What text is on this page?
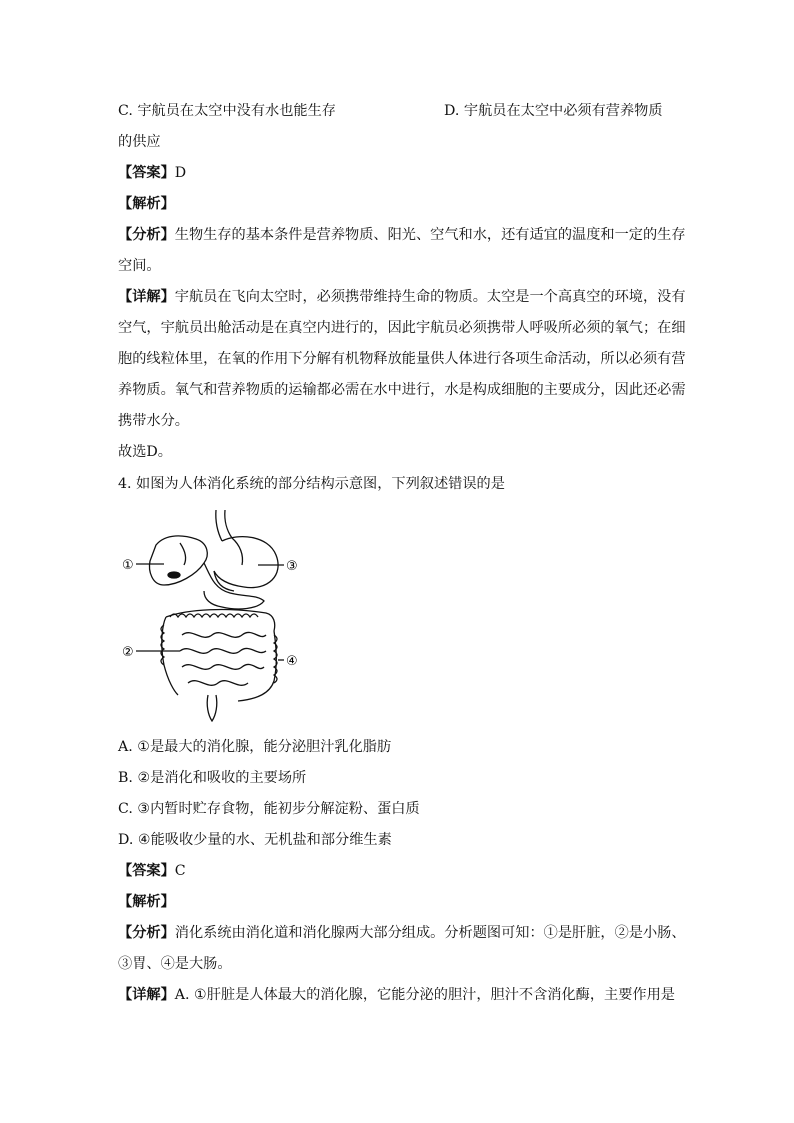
C. 宇航员在太空中没有水也能生存	D. 宇航员在太空中必须有营养物质
的供应
【答案】D
【解析】
【分析】生物生存的基本条件是营养物质、阳光、空气和水，还有适宜的温度和一定的生存
空间。
【详解】宇航员在飞向太空时，必须携带维持生命的物质。太空是一个高真空的环境，没有
空气，宇航员出舱活动是在真空内进行的，因此宇航员必须携带人呼吸所必须的氧气；在细
胞的线粒体里，在氧的作用下分解有机物释放能量供人体进行各项生命活动，所以必须有营
养物质。氧气和营养物质的运输都必需在水中进行，水是构成细胞的主要成分，因此还必需
携带水分。
故选D。
4. 如图为人体消化系统的部分结构示意图，下列叙述错误的是
①	③
②
④
A. ①是最大的消化腺，能分泌胆汁乳化脂肪
B. ②是消化和吸收的主要场所
C. ③内暂时贮存食物，能初步分解淀粉、蛋白质
D. ④能吸收少量的水、无机盐和部分维生素
【答案】C
【解析】
【分析】消化系统由消化道和消化腺两大部分组成。分析题图可知：①是肝脏，②是小肠、
③胃、④是大肠。
【详解】A. ①肝脏是人体最大的消化腺，它能分泌的胆汁，胆汁不含消化酶，主要作用是
